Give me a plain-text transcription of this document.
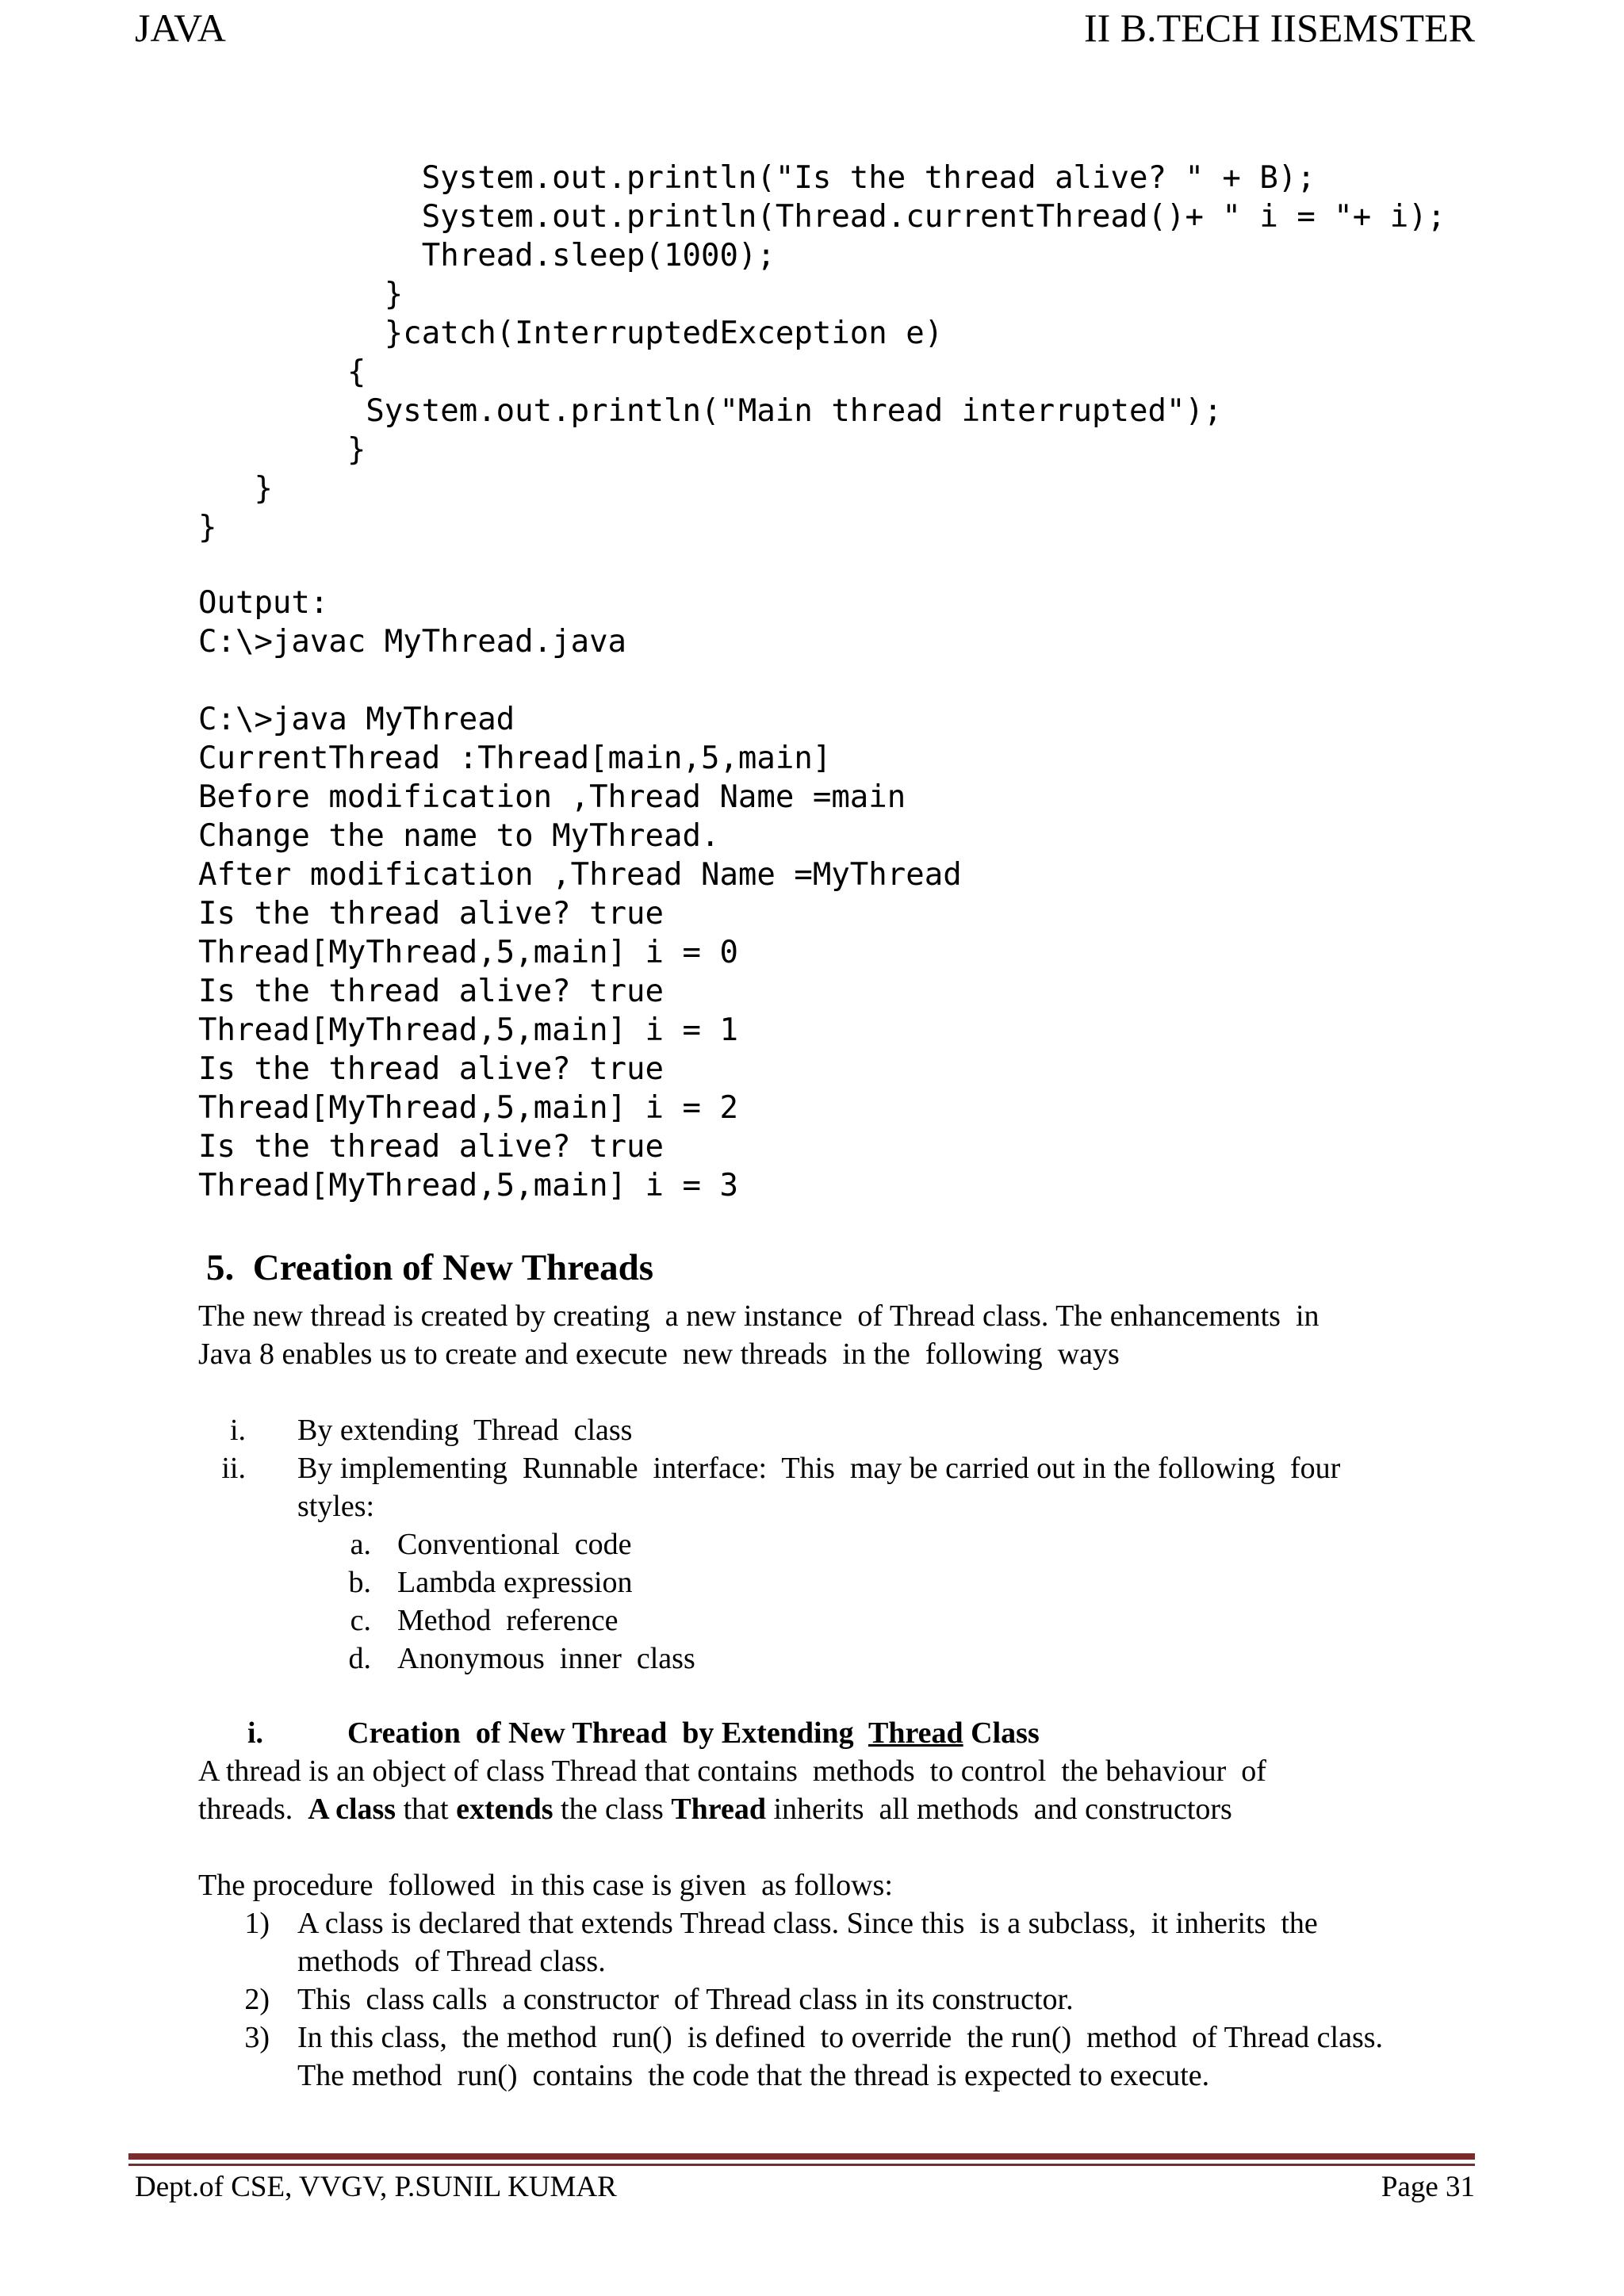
JAVA	II B.TECH IISEMSTER
System.out.println("Is the thread alive? " + B);
System.out.println(Thread.currentThread()+ " i = "+ i);
Thread.sleep(1000);
}
}catch(InterruptedException e)
{
System.out.println("Main thread interrupted");
}
}
}
Output:
C:\>javac MyThread.java
C:\>java MyThread
CurrentThread :Thread[main,5,main]
Before modification ,Thread Name =main
Change the name to MyThread.
After modification ,Thread Name =MyThread
Is the thread alive? true
Thread[MyThread,5,main] i = 0
Is the thread alive? true
Thread[MyThread,5,main] i = 1
Is the thread alive? true
Thread[MyThread,5,main] i = 2
Is the thread alive? true
Thread[MyThread,5,main] i = 3
5.  Creation of New Threads
The new thread is created by creating  a new instance  of Thread class. The enhancements  in
Java 8 enables us to create and execute  new threads  in the  following  ways
i. By extending  Thread  class
ii. By implementing  Runnable  interface:  This  may be carried out in the following  four
styles:
a. Conventional  code
b. Lambda expression
c. Method  reference
d. Anonymous  inner  class
i.	Creation  of New Thread  by Extending  Thread Class
A thread is an object of class Thread that contains  methods  to control  the behaviour  of
threads.  A class that extends the class Thread inherits  all methods  and constructors
The procedure  followed  in this case is given  as follows:
1) A class is declared that extends Thread class. Since this  is a subclass,  it inherits  the
methods  of Thread class.
2) This  class calls  a constructor  of Thread class in its constructor.
3) In this class,  the method  run()  is defined  to override  the run()  method  of Thread class.
The method  run()  contains  the code that the thread is expected to execute.
Dept.of CSE, VVGV, P.SUNIL KUMAR	Page 31
